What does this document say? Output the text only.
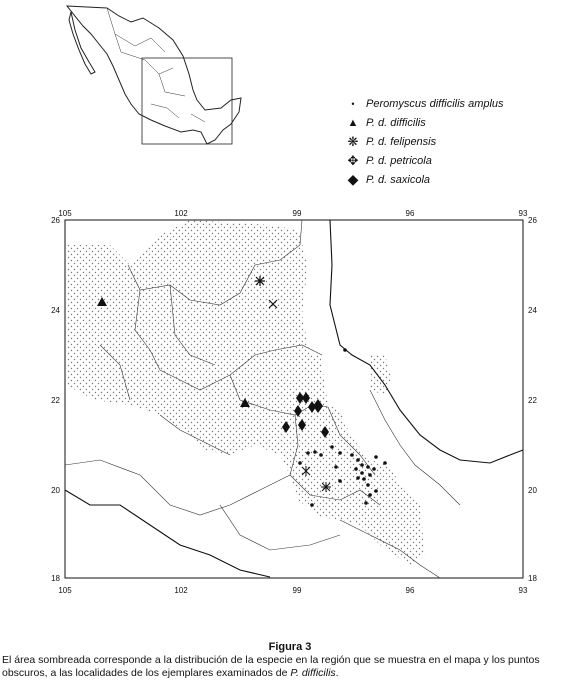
•	Peromyscus difficilis amplus
▲ P. d. difficilis
❋ P. d. felipensis
✥ P. d. petricola
◆ P. d. saxicola
105	102	99	96	93
105	102	99	96	93
26
24
22
20
18
26
24
22
20
18
Figura 3
El área sombreada corresponde a la distribución de la especie en la región que se muestra en el mapa y los puntos obscuros, a las localidades de los ejemplares examinados de P. difficilis.
